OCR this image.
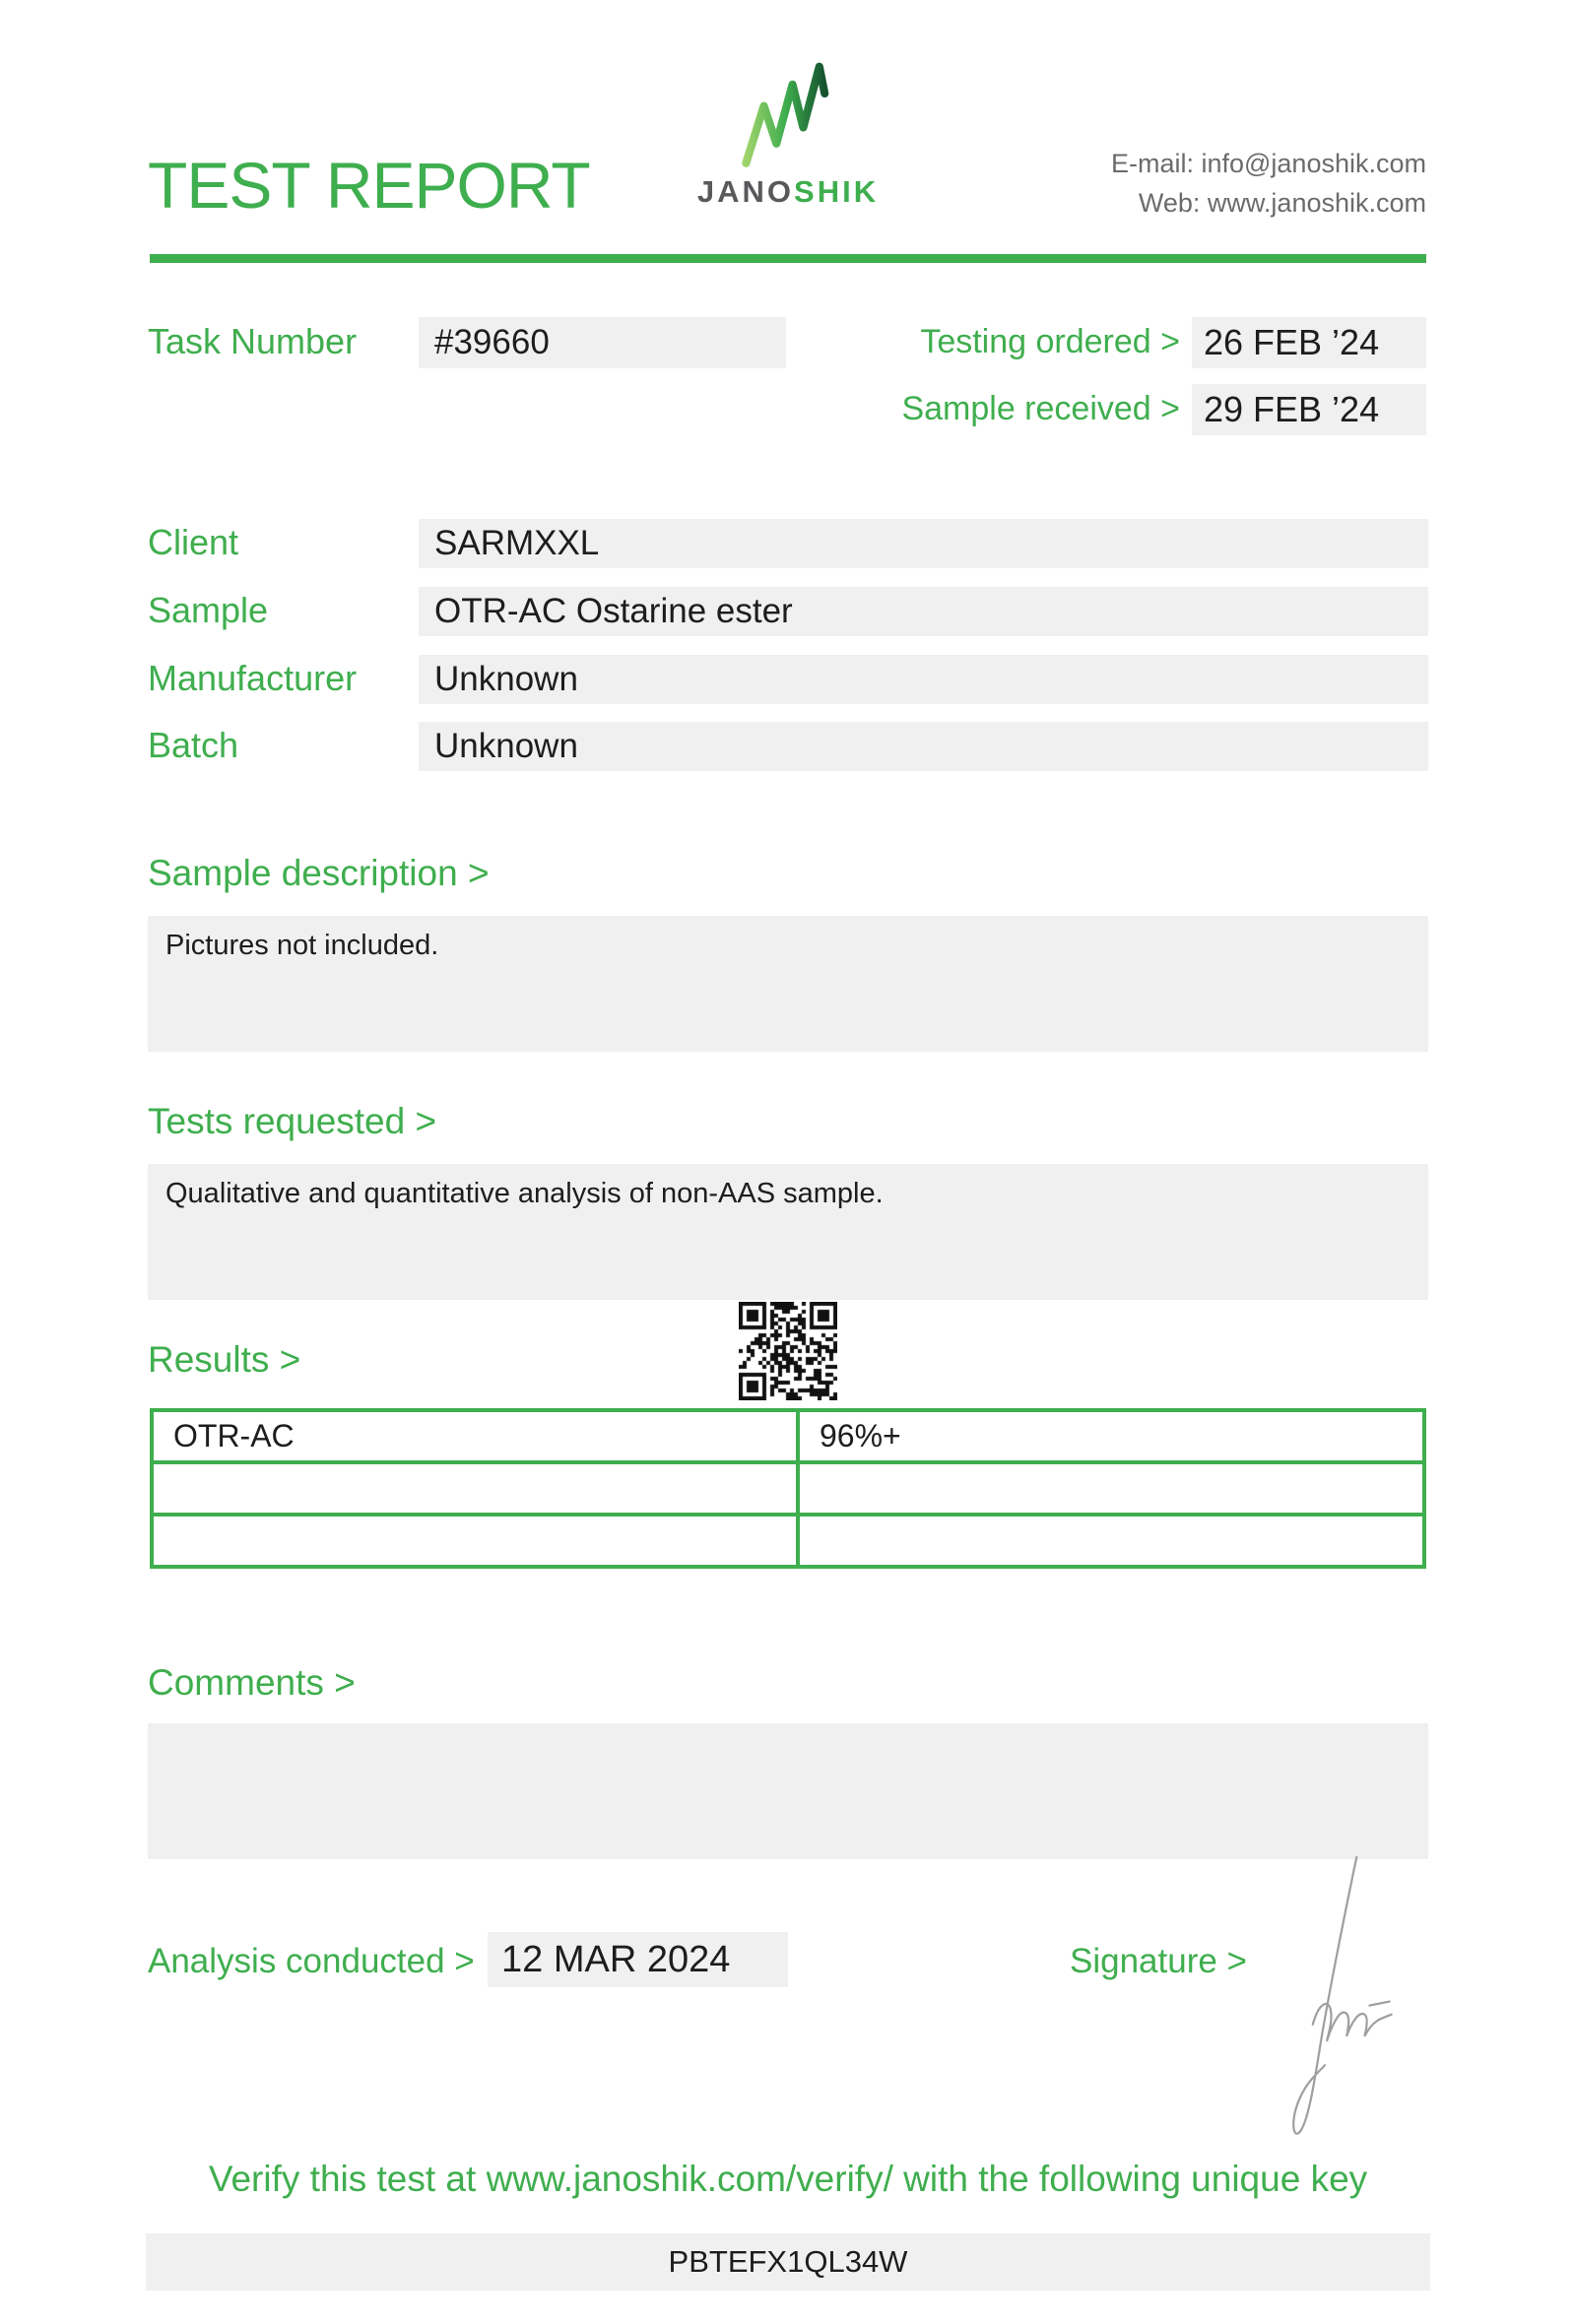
TEST REPORT	JANOSHIK
E-mail: info@janoshik.com
Web: www.janoshik.com
Task Number	#39660	Testing ordered > 26 FEB ’24
Sample received > 29 FEB ’24
Client	SARMXXL
Sample	OTR-AC Ostarine ester
Manufacturer	Unknown
Batch	Unknown
Sample description >
Pictures not included.
Tests requested >
Qualitative and quantitative analysis of non-AAS sample.
Results >
OTR-AC	96%+

Comments >
Analysis conducted > 12 MAR 2024	Signature >
Verify this test at www.janoshik.com/verify/ with the following unique key
PBTEFX1QL34W
